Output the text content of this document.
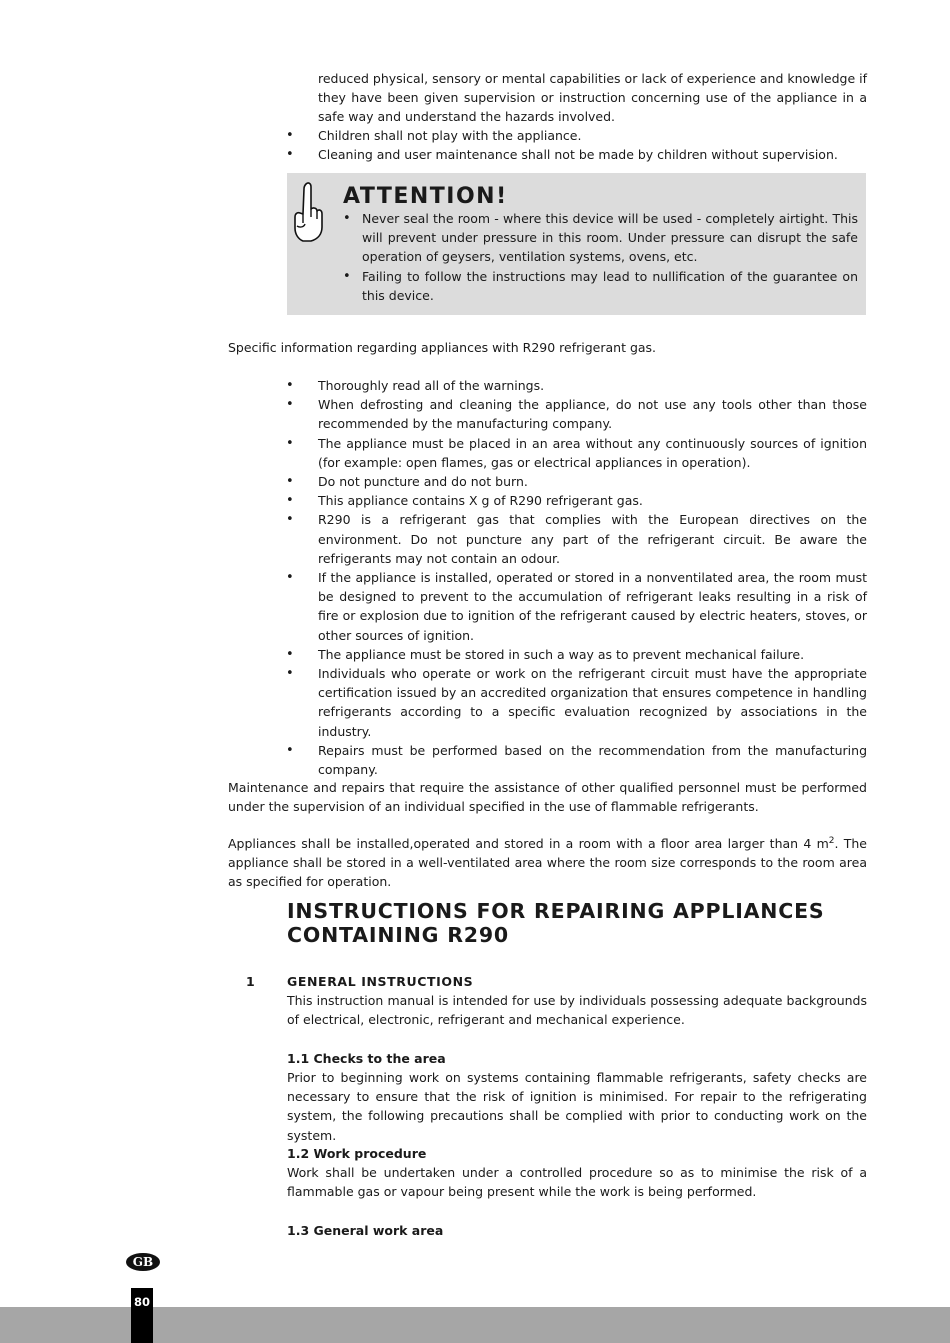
reduced physical, sensory or mental capabilities or lack of experience and knowledge if they have been given supervision or instruction concerning use of the appliance in a safe way and understand the hazards involved.

• Children shall not play with the appliance.
• Cleaning and user maintenance shall not be made by children without supervision.

ATTENTION!

• Never seal the room - where this device will be used - completely airtight. This will prevent under pressure in this room. Under pressure can disrupt the safe operation of geysers, ventilation systems, ovens, etc.
• Failing to follow the instructions may lead to nullification of the guarantee on this device.

Specific information regarding appliances with R290 refrigerant gas.

• Thoroughly read all of the warnings.
• When defrosting and cleaning the appliance, do not use any tools other than those recommended by the manufacturing company.
• The appliance must be placed in an area without any continuously sources of ignition (for example: open flames, gas or electrical appliances in operation).
• Do not puncture and do not burn.
• This appliance contains X g of R290 refrigerant gas.
• R290 is a refrigerant gas that complies with the European directives on the environment. Do not puncture any part of the refrigerant circuit. Be aware the refrigerants may not contain an odour.
• If the appliance is installed, operated or stored in a nonventilated area, the room must be designed to prevent to the accumulation of refrigerant leaks resulting in a risk of fire or explosion due to ignition of the refrigerant caused by electric heaters, stoves, or other sources of ignition.
• The appliance must be stored in such a way as to prevent mechanical failure.
• Individuals who operate or work on the refrigerant circuit must have the appropriate certification issued by an accredited organization that ensures competence in handling refrigerants according to a specific evaluation recognized by associations in the industry.
• Repairs must be performed based on the recommendation from the manufacturing company.

Maintenance and repairs that require the assistance of other qualified personnel must be performed under the supervision of an individual specified in the use of flammable refrigerants.

Appliances shall be installed,operated and stored in a room with a floor area larger than 4 $m^2$. The appliance shall be stored in a well-ventilated area where the room size corresponds to the room area as specified for operation.

INSTRUCTIONS FOR REPAIRING APPLIANCES CONTAINING R290
1	GENERAL INSTRUCTIONS

This instruction manual is intended for use by individuals possessing adequate backgrounds of electrical, electronic, refrigerant and mechanical experience.

1.1 Checks to the area

Prior to beginning work on systems containing flammable refrigerants, safety checks are necessary to ensure that the risk of ignition is minimised. For repair to the refrigerating system, the following precautions shall be complied with prior to conducting work on the system.

1.2 Work procedure

Work shall be undertaken under a controlled procedure so as to minimise the risk of a flammable gas or vapour being present while the work is being performed.

1.3 General work area
GB
80
